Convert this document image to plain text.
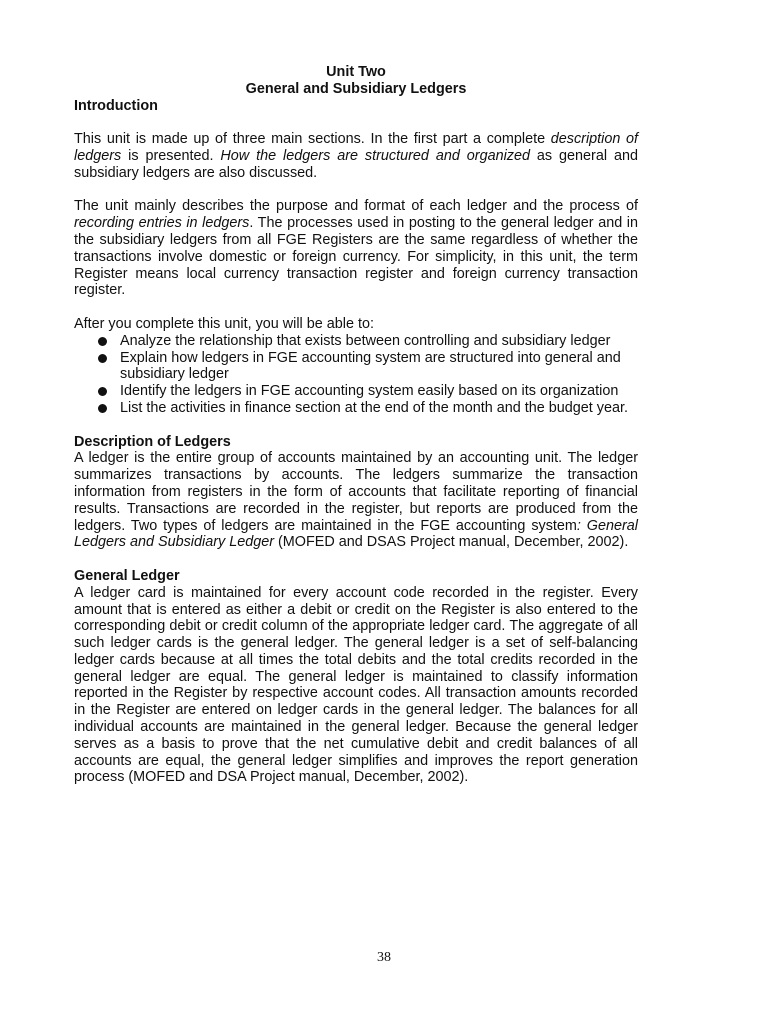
Unit Two
General and Subsidiary Ledgers
Introduction

This unit is made up of three main sections. In the first part a complete description of ledgers is presented. How the ledgers are structured and organized as general and subsidiary ledgers are also discussed.

The unit mainly describes the purpose and format of each ledger and the process of recording entries in ledgers. The processes used in posting to the general ledger and in the subsidiary ledgers from all FGE Registers are the same regardless of whether the transactions involve domestic or foreign currency. For simplicity, in this unit, the term Register means local currency transaction register and foreign currency transaction register.

After you complete this unit, you will be able to:

Analyze the relationship that exists between controlling and subsidiary ledger
Explain how ledgers in FGE accounting system are structured into general and subsidiary ledger
Identify the ledgers in FGE accounting system easily based on its organization
List the activities in finance section at the end of the month and the budget year.
Description of Ledgers

A ledger is the entire group of accounts maintained by an accounting unit. The ledger summarizes transactions by accounts. The ledgers summarize the transaction information from registers in the form of accounts that facilitate reporting of financial results. Transactions are recorded in the register, but reports are produced from the ledgers. Two types of ledgers are maintained in the FGE accounting system: General Ledgers and Subsidiary Ledger (MOFED and DSAS Project manual, December, 2002).

General Ledger

A ledger card is maintained for every account code recorded in the register. Every amount that is entered as either a debit or credit on the Register is also entered to the corresponding debit or credit column of the appropriate ledger card. The aggregate of all such ledger cards is the general ledger. The general ledger is a set of self-balancing ledger cards because at all times the total debits and the total credits recorded in the general ledger are equal. The general ledger is maintained to classify information reported in the Register by respective account codes. All transaction amounts recorded in the Register are entered on ledger cards in the general ledger. The balances for all individual accounts are maintained in the general ledger. Because the general ledger serves as a basis to prove that the net cumulative debit and credit balances of all accounts are equal, the general ledger simplifies and improves the report generation process (MOFED and DSA Project manual, December, 2002).

38
